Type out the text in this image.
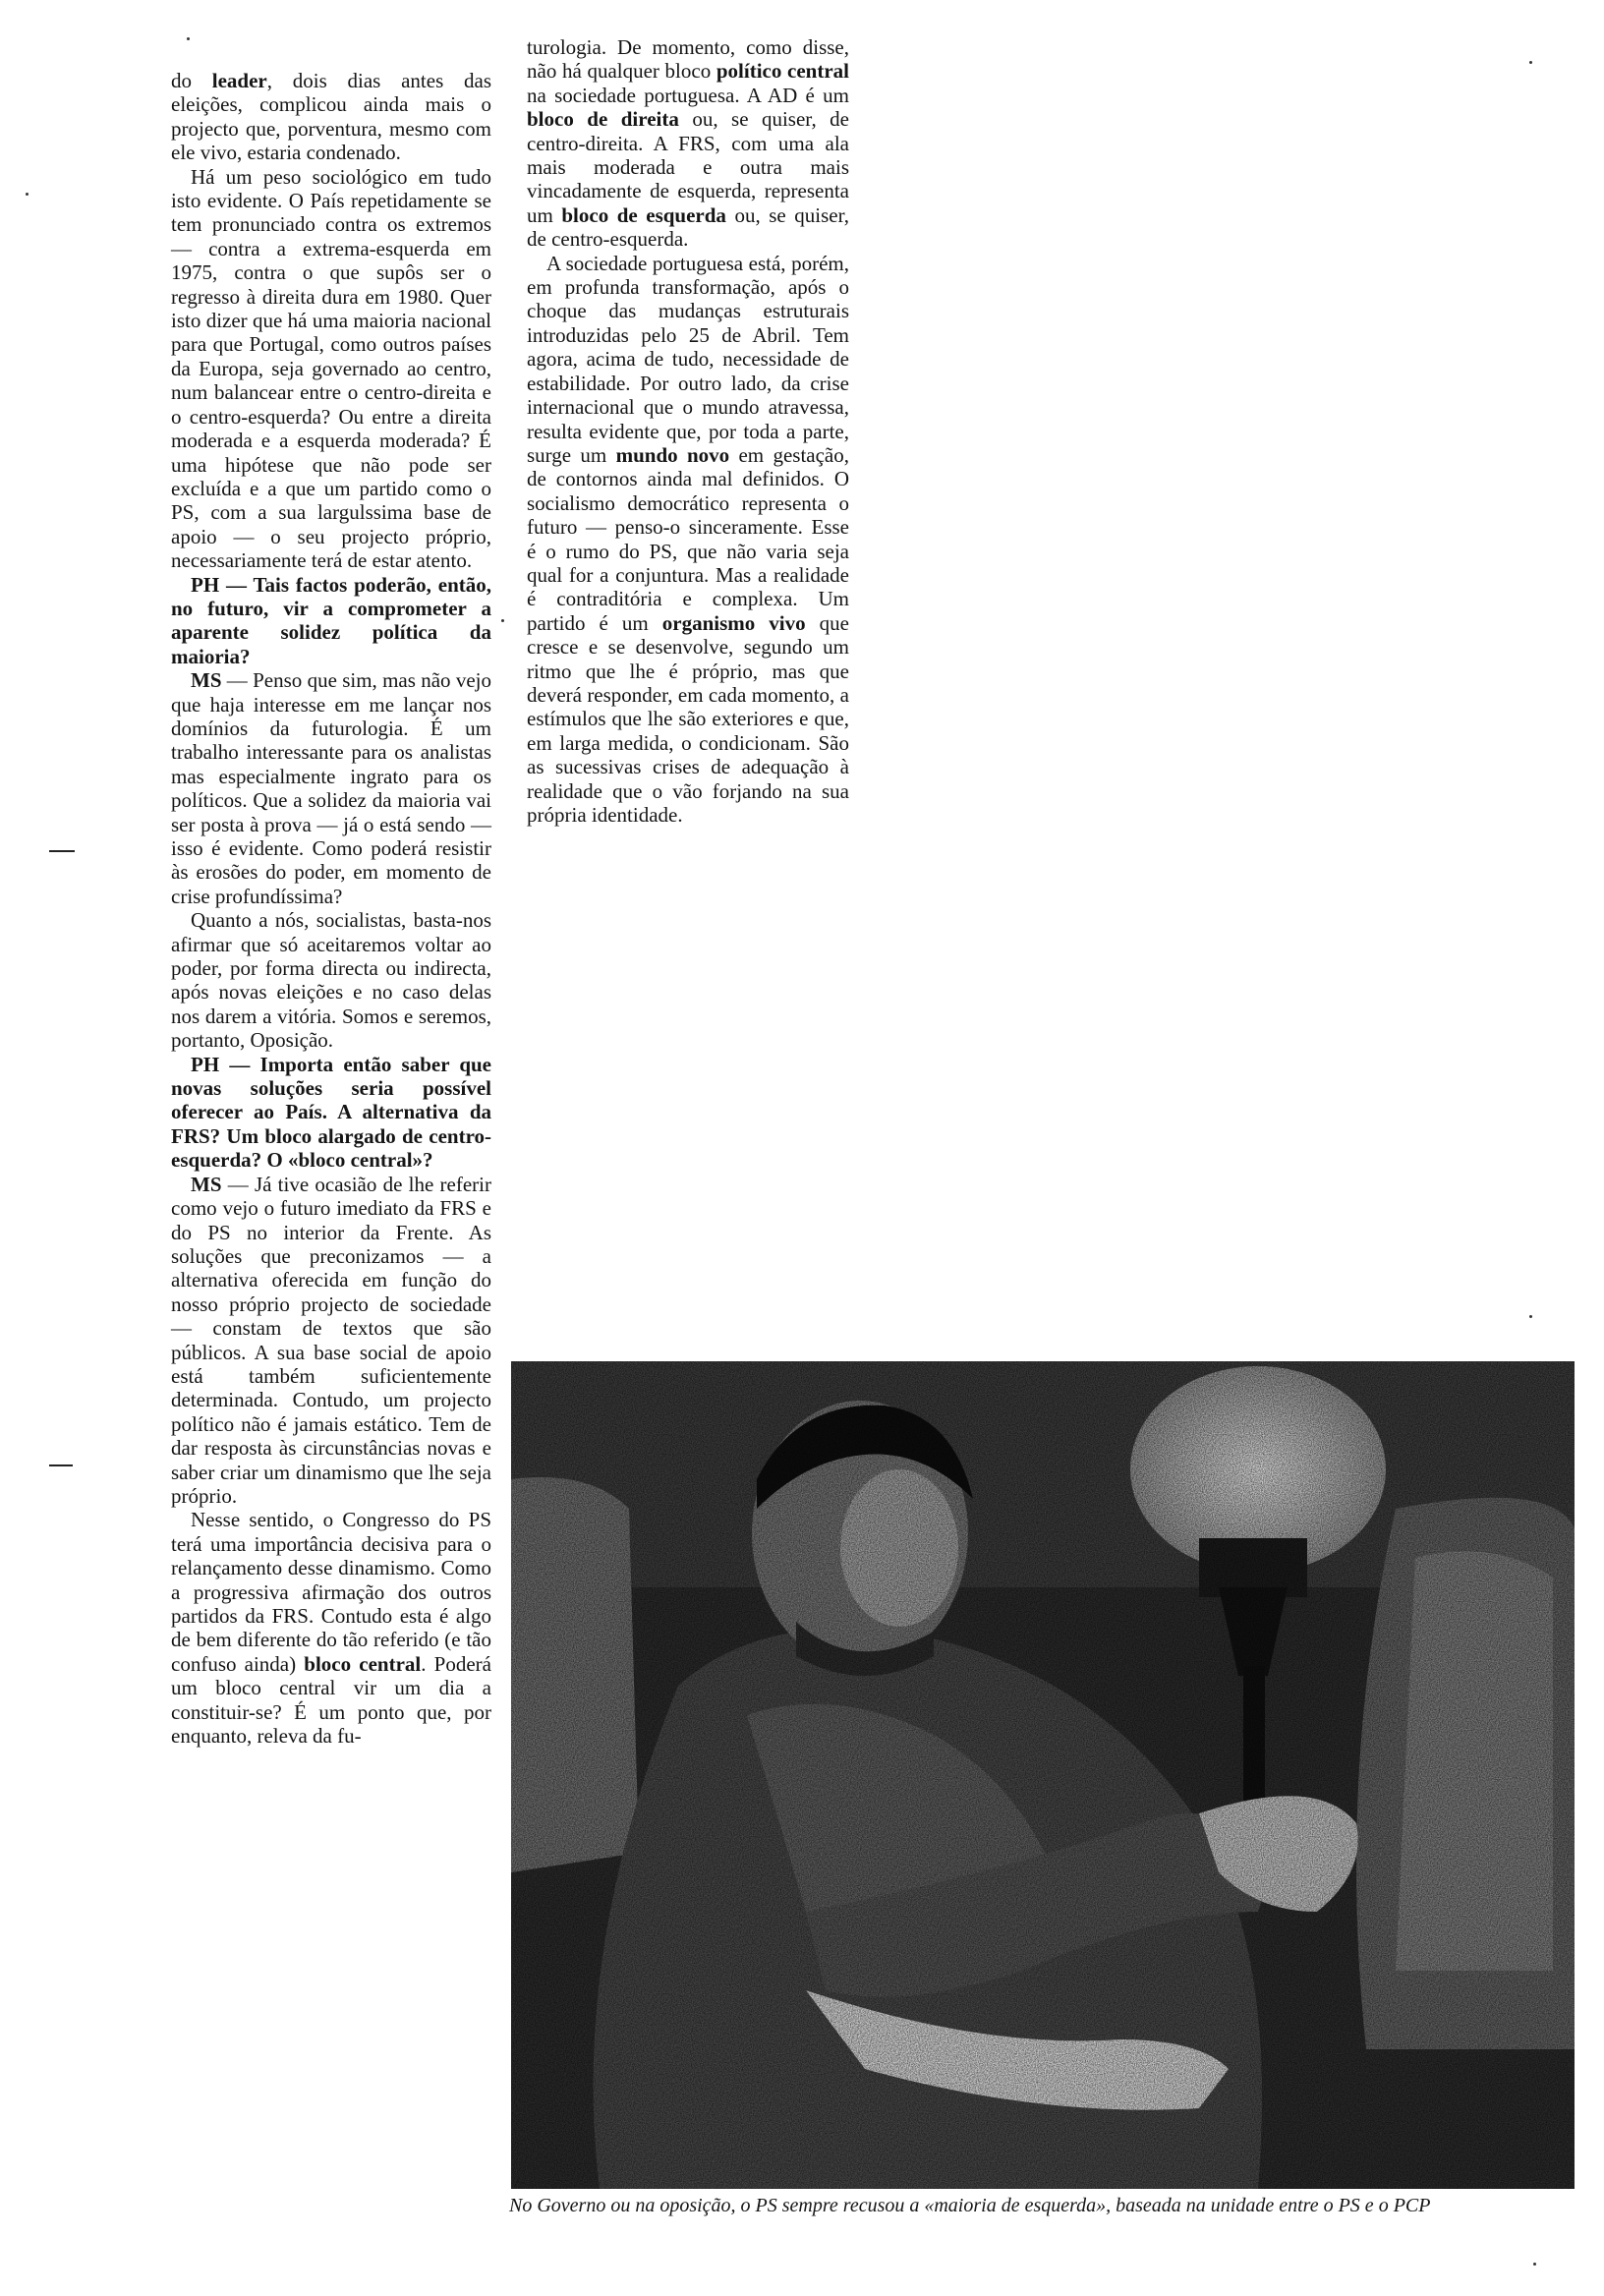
do leader, dois dias antes das eleições, complicou ainda mais o projecto que, porventura, mesmo com ele vivo, estaria condenado.

Há um peso sociológico em tudo isto evidente. O País repetidamente se tem pronunciado contra os extremos — contra a extrema-esquerda em 1975, contra o que supôs ser o regresso à direita dura em 1980. Quer isto dizer que há uma maioria nacional para que Portugal, como outros países da Europa, seja governado ao centro, num balancear entre o centro-direita e o centro-esquerda? Ou entre a direita moderada e a esquerda moderada? É uma hipótese que não pode ser excluída e a que um partido como o PS, com a sua largulssima base de apoio — o seu projecto próprio, necessariamente terá de estar atento.

PH — Tais factos poderão, então, no futuro, vir a comprometer a aparente solidez política da maioria?

MS — Penso que sim, mas não vejo que haja interesse em me lançar nos domínios da futurologia. É um trabalho interessante para os analistas mas especialmente ingrato para os políticos. Que a solidez da maioria vai ser posta à prova — já o está sendo — isso é evidente. Como poderá resistir às erosões do poder, em momento de crise profundíssima?

Quanto a nós, socialistas, basta-nos afirmar que só aceitaremos voltar ao poder, por forma directa ou indirecta, após novas eleições e no caso delas nos darem a vitória. Somos e seremos, portanto, Oposição.

PH — Importa então saber que novas soluções seria possível oferecer ao País. A alternativa da FRS? Um bloco alargado de centro-esquerda? O «bloco central»?

MS — Já tive ocasião de lhe referir como vejo o futuro imediato da FRS e do PS no interior da Frente. As soluções que preconizamos — a alternativa oferecida em função do nosso próprio projecto de sociedade — constam de textos que são públicos. A sua base social de apoio está também suficientemente determinada. Contudo, um projecto político não é jamais estático. Tem de dar resposta às circunstâncias novas e saber criar um dinamismo que lhe seja próprio.

Nesse sentido, o Congresso do PS terá uma importância decisiva para o relançamento desse dinamismo. Como a progressiva afirmação dos outros partidos da FRS. Contudo esta é algo de bem diferente do tão referido (e tão confuso ainda) bloco central. Poderá um bloco central vir um dia a constituir-se? É um ponto que, por enquanto, releva da fu-

turologia. De momento, como disse, não há qualquer bloco político central na sociedade portuguesa. A AD é um bloco de direita ou, se quiser, de centro-direita. A FRS, com uma ala mais moderada e outra mais vincadamente de esquerda, representa um bloco de esquerda ou, se quiser, de centro-esquerda.

A sociedade portuguesa está, porém, em profunda transformação, após o choque das mudanças estruturais introduzidas pelo 25 de Abril. Tem agora, acima de tudo, necessidade de estabilidade. Por outro lado, da crise internacional que o mundo atravessa, resulta evidente que, por toda a parte, surge um mundo novo em gestação, de contornos ainda mal definidos. O socialismo democrático representa o futuro — penso-o sinceramente. Esse é o rumo do PS, que não varia seja qual for a conjuntura. Mas a realidade é contraditória e complexa. Um partido é um organismo vivo que cresce e se desenvolve, segundo um ritmo que lhe é próprio, mas que deverá responder, em cada momento, a estímulos que lhe são exteriores e que, em larga medida, o condicionam. São as sucessivas crises de adequação à realidade que o vão forjando na sua própria identidade.

No Governo ou na oposição, o PS sempre recusou a «maioria de esquerda», baseada na unidade entre o PS e o PCP
